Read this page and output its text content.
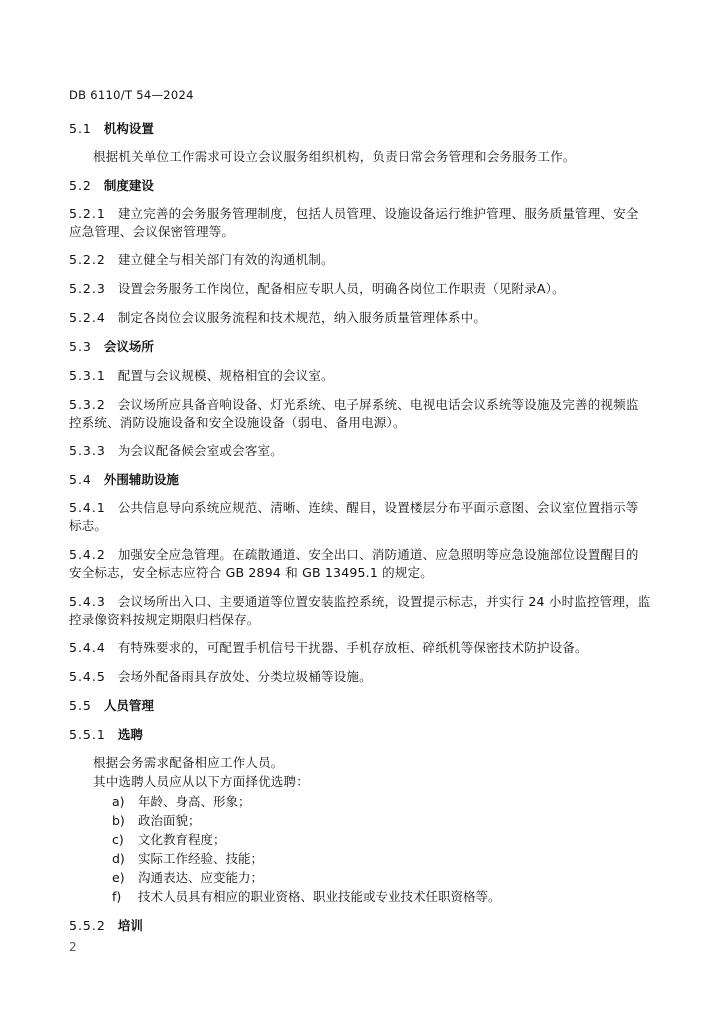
DB 6110/T 54—2024
5.1 机构设置
根据机关单位工作需求可设立会议服务组织机构，负责日常会务管理和会务服务工作。
5.2 制度建设
5.2.1 建立完善的会务服务管理制度，包括人员管理、设施设备运行维护管理、服务质量管理、安全
应急管理、会议保密管理等。
5.2.2 建立健全与相关部门有效的沟通机制。
5.2.3 设置会务服务工作岗位，配备相应专职人员，明确各岗位工作职责（见附录A）。
5.2.4 制定各岗位会议服务流程和技术规范，纳入服务质量管理体系中。
5.3 会议场所
5.3.1 配置与会议规模、规格相宜的会议室。
5.3.2 会议场所应具备音响设备、灯光系统、电子屏系统、电视电话会议系统等设施及完善的视频监
控系统、消防设施设备和安全设施设备（弱电、备用电源）。
5.3.3 为会议配备候会室或会客室。
5.4 外围辅助设施
5.4.1 公共信息导向系统应规范、清晰、连续、醒目，设置楼层分布平面示意图、会议室位置指示等
标志。
5.4.2 加强安全应急管理。在疏散通道、安全出口、消防通道、应急照明等应急设施部位设置醒目的
安全标志，安全标志应符合 GB 2894 和 GB 13495.1 的规定。
5.4.3 会议场所出入口、主要通道等位置安装监控系统，设置提示标志，并实行 24 小时监控管理，监
控录像资料按规定期限归档保存。
5.4.4 有特殊要求的，可配置手机信号干扰器、手机存放柜、碎纸机等保密技术防护设备。
5.4.5 会场外配备雨具存放处、分类垃圾桶等设施。
5.5 人员管理
5.5.1 选聘
根据会务需求配备相应工作人员。
其中选聘人员应从以下方面择优选聘：
a) 年龄、身高、形象；
b) 政治面貌；
c) 文化教育程度；
d) 实际工作经验、技能；
e) 沟通表达、应变能力；
f) 技术人员具有相应的职业资格、职业技能或专业技术任职资格等。
5.5.2 培训
2
